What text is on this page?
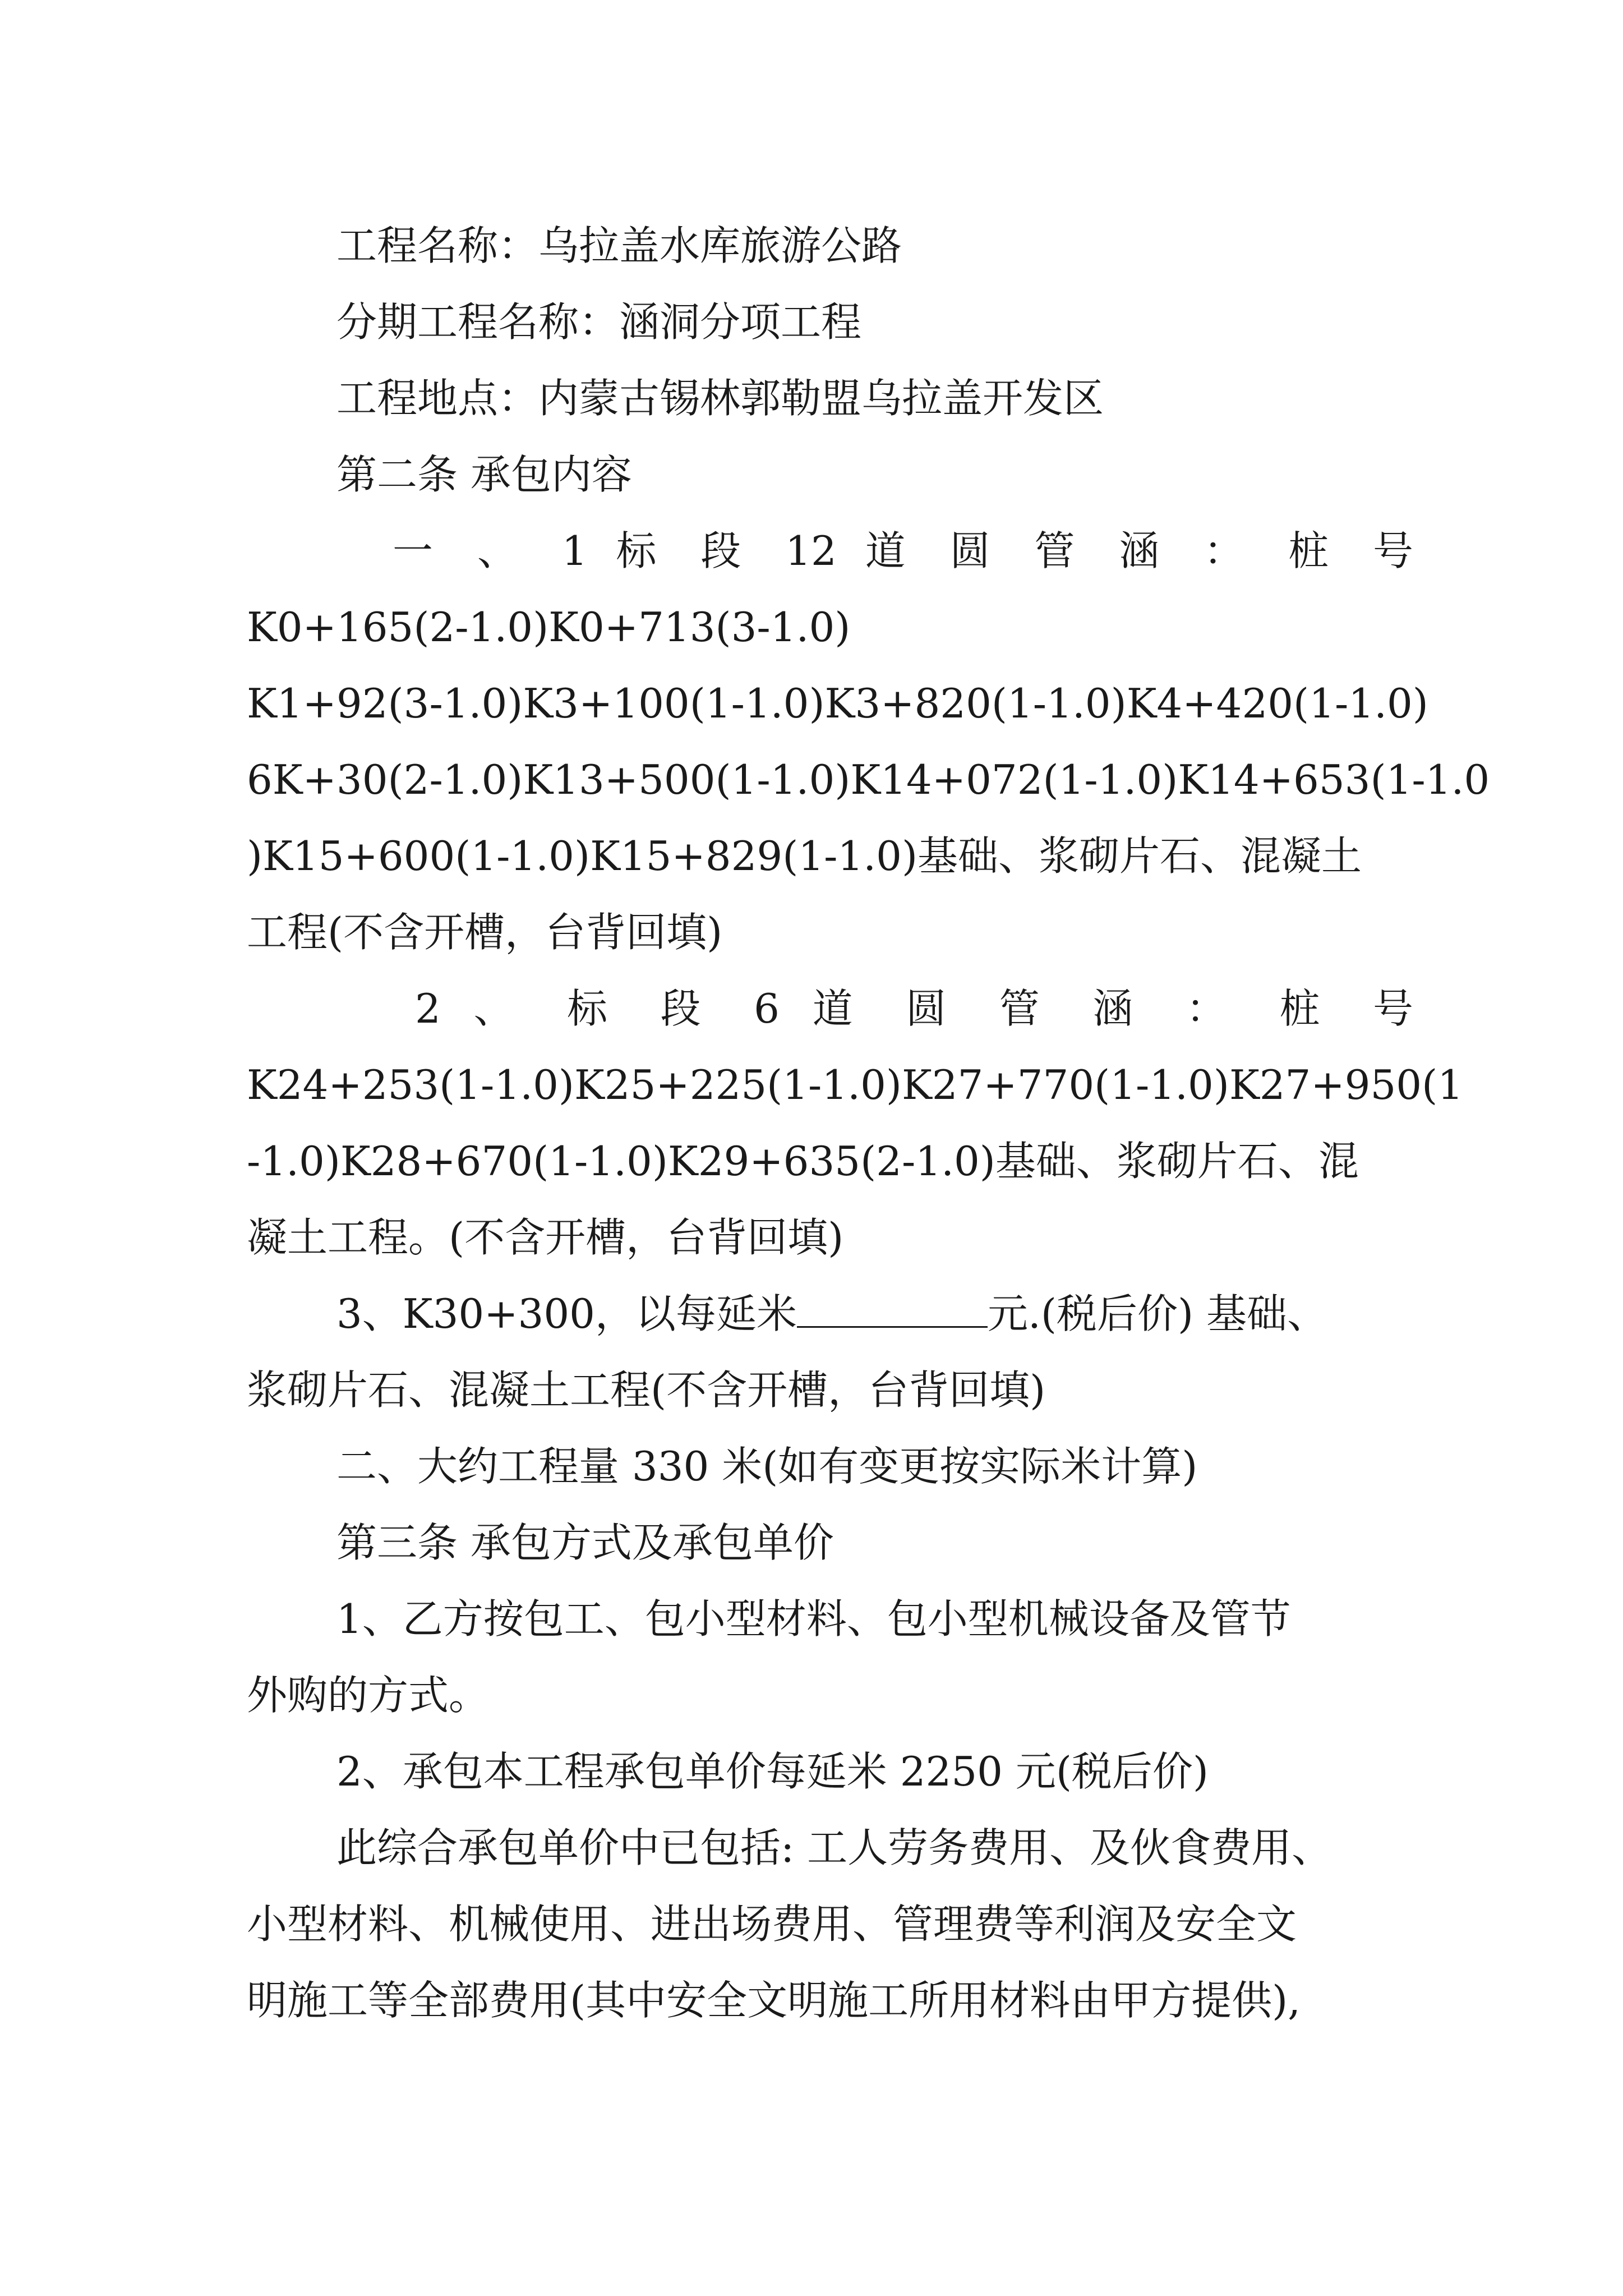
工程名称：乌拉盖水库旅游公路

分期工程名称：涵洞分项工程

工程地点：内蒙古锡林郭勒盟乌拉盖开发区

第二条 承包内容

一 、 1 标 段 12 道 圆 管 涵 ： 桩 号

K0+165(2-1.0)K0+713(3-1.0)

K1+92(3-1.0)K3+100(1-1.0)K3+820(1-1.0)K4+420(1-1.0)

6K+30(2-1.0)K13+500(1-1.0)K14+072(1-1.0)K14+653(1-1.0

)K15+600(1-1.0)K15+829(1-1.0)基础、浆砌片石、混凝土

工程(不含开槽，台背回填)

2 、 标 段 6 道 圆 管 涵 ： 桩 号

K24+253(1-1.0)K25+225(1-1.0)K27+770(1-1.0)K27+950(1

-1.0)K28+670(1-1.0)K29+635(2-1.0)基础、浆砌片石、混

凝土工程。(不含开槽，台背回填)

3、K30+300，以每延米	元.(税后价) 基础、

浆砌片石、混凝土工程(不含开槽，台背回填)

二、大约工程量 330 米(如有变更按实际米计算)

第三条 承包方式及承包单价

1、乙方按包工、包小型材料、包小型机械设备及管节

外购的方式。

2、承包本工程承包单价每延米 2250 元(税后价)

此综合承包单价中已包括: 工人劳务费用、及伙食费用、

小型材料、机械使用、进出场费用、管理费等利润及安全文

明施工等全部费用(其中安全文明施工所用材料由甲方提供),
